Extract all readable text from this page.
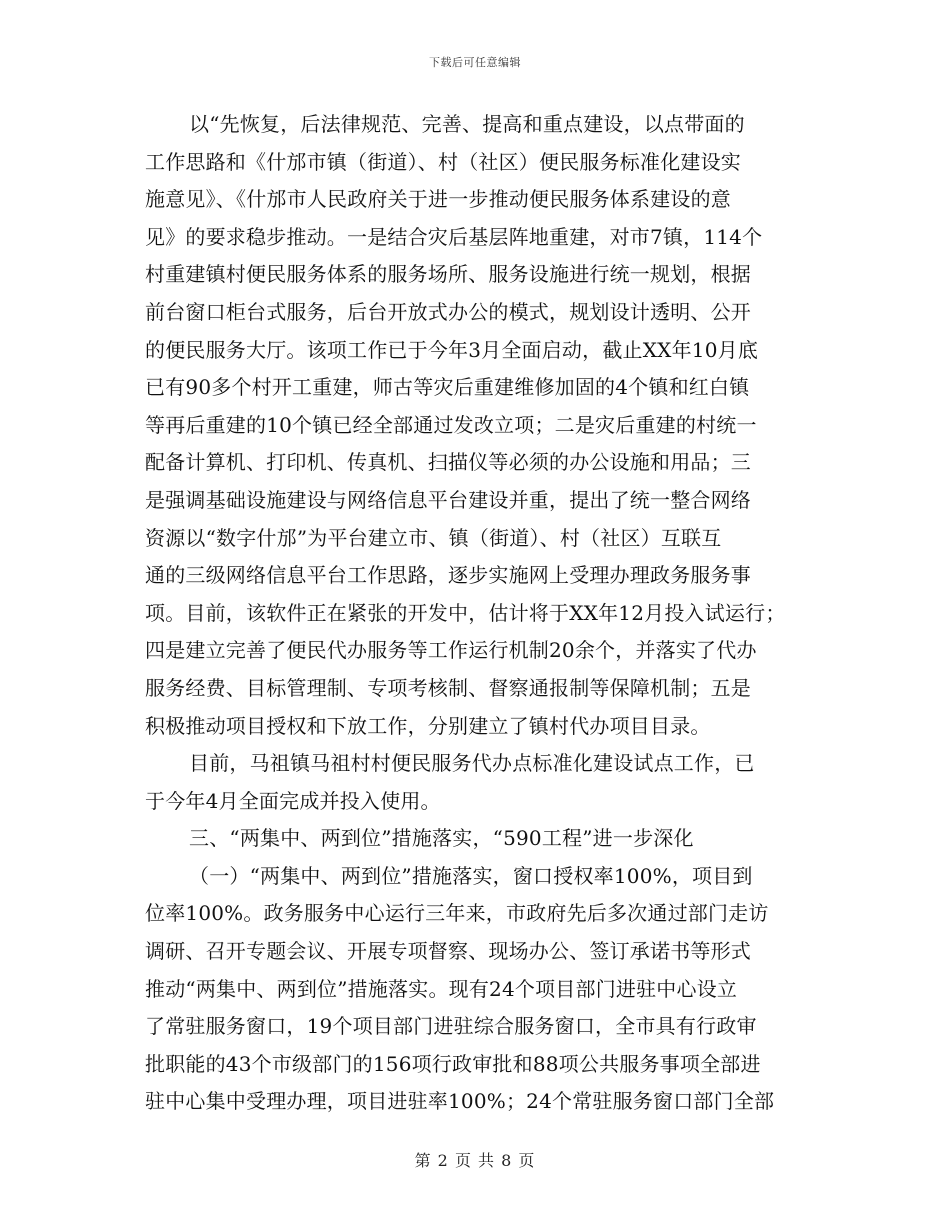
下载后可任意编辑
以“先恢复，后法律规范、完善、提高和重点建设，以点带面的
工作思路和《什邡市镇（街道）、村（社区）便民服务标准化建设实
施意见》、《什邡市人民政府关于进一步推动便民服务体系建设的意
见》的要求稳步推动。一是结合灾后基层阵地重建，对市7镇，114个
村重建镇村便民服务体系的服务场所、服务设施进行统一规划，根据
前台窗口柜台式服务，后台开放式办公的模式，规划设计透明、公开
的便民服务大厅。该项工作已于今年3月全面启动，截止XX年10月底
已有90多个村开工重建，师古等灾后重建维修加固的4个镇和红白镇
等再后重建的10个镇已经全部通过发改立项；二是灾后重建的村统一
配备计算机、打印机、传真机、扫描仪等必须的办公设施和用品；三
是强调基础设施建设与网络信息平台建设并重，提出了统一整合网络
资源以“数字什邡”为平台建立市、镇（街道）、村（社区）互联互
通的三级网络信息平台工作思路，逐步实施网上受理办理政务服务事
项。目前，该软件正在紧张的开发中，估计将于XX年12月投入试运行；
四是建立完善了便民代办服务等工作运行机制20余个，并落实了代办
服务经费、目标管理制、专项考核制、督察通报制等保障机制；五是
积极推动项目授权和下放工作，分别建立了镇村代办项目目录。
目前，马祖镇马祖村村便民服务代办点标准化建设试点工作，已
于今年4月全面完成并投入使用。
三、“两集中、两到位”措施落实，“590工程”进一步深化
（一）“两集中、两到位”措施落实，窗口授权率100%，项目到
位率100%。政务服务中心运行三年来，市政府先后多次通过部门走访
调研、召开专题会议、开展专项督察、现场办公、签订承诺书等形式
推动“两集中、两到位”措施落实。现有24个项目部门进驻中心设立
了常驻服务窗口，19个项目部门进驻综合服务窗口，全市具有行政审
批职能的43个市级部门的156项行政审批和88项公共服务事项全部进
驻中心集中受理办理，项目进驻率100%；24个常驻服务窗口部门全部
第 2 页 共 8 页
